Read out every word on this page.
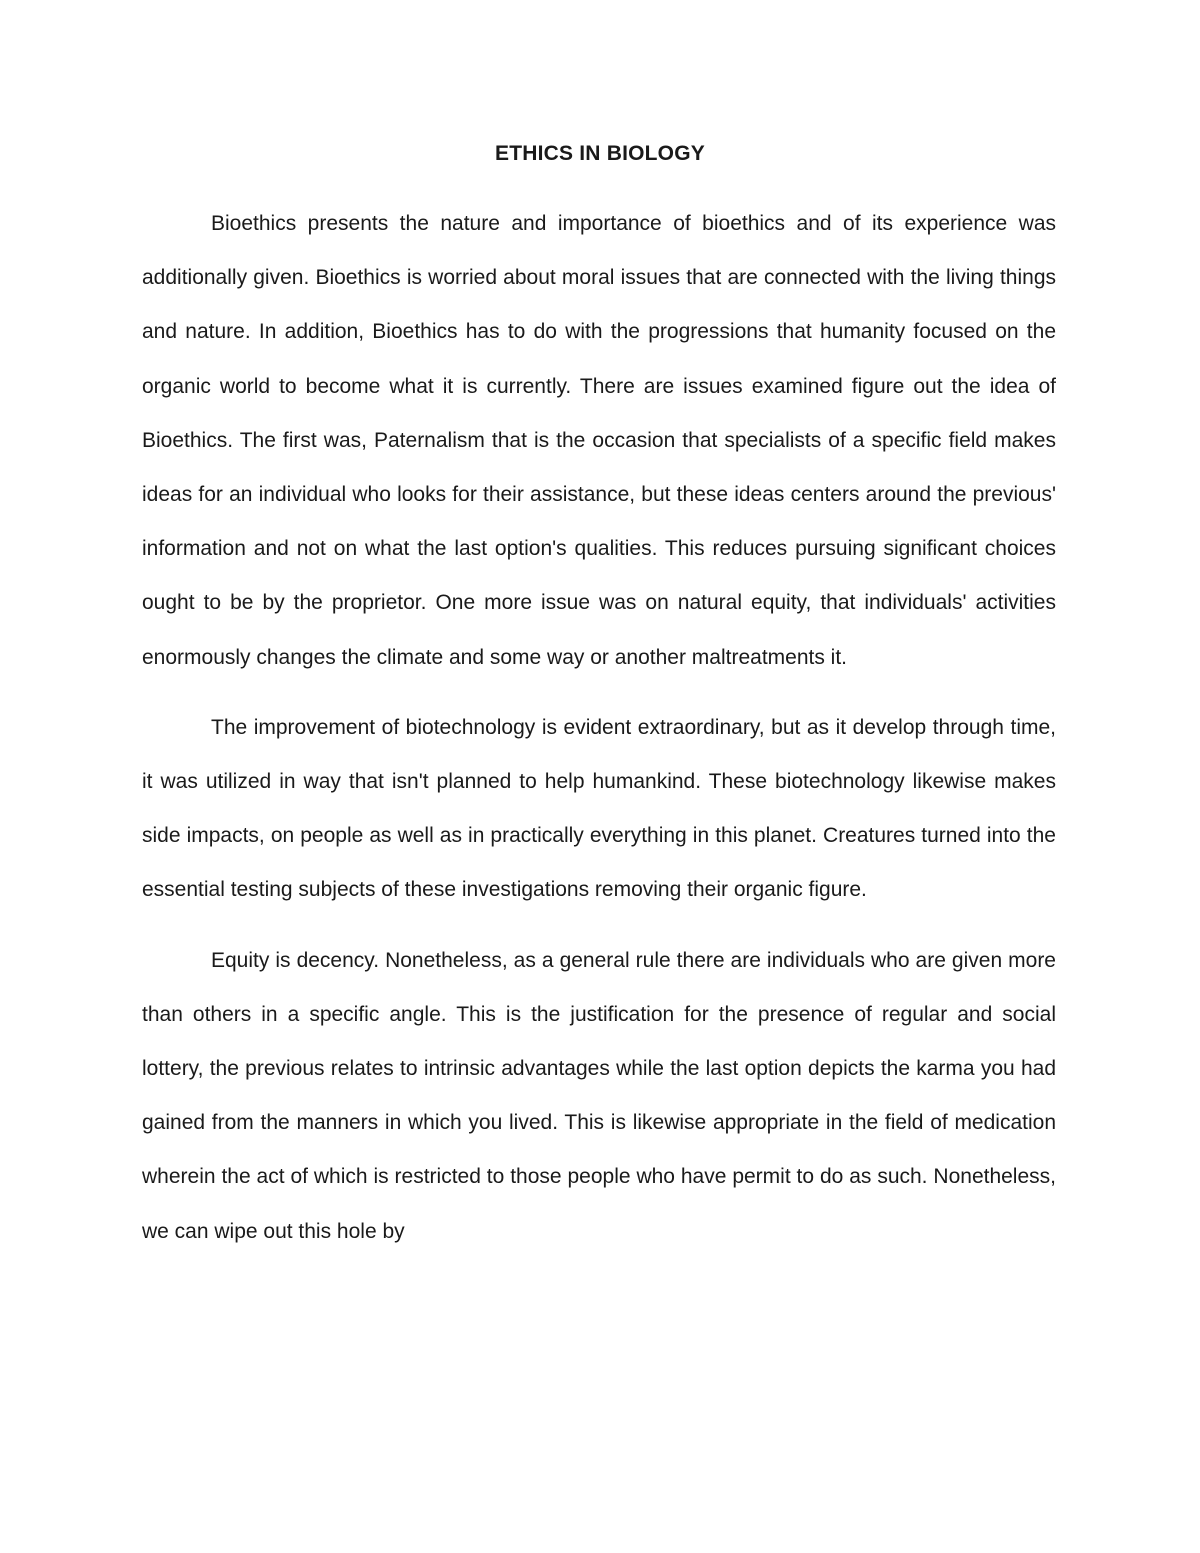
ETHICS IN BIOLOGY

Bioethics presents the nature and importance of bioethics and of its experience was additionally given. Bioethics is worried about moral issues that are connected with the living things and nature. In addition, Bioethics has to do with the progressions that humanity focused on the organic world to become what it is currently. There are issues examined figure out the idea of Bioethics. The first was, Paternalism that is the occasion that specialists of a specific field makes ideas for an individual who looks for their assistance, but these ideas centers around the previous' information and not on what the last option's qualities. This reduces pursuing significant choices ought to be by the proprietor. One more issue was on natural equity, that individuals' activities enormously changes the climate and some way or another maltreatments it.

The improvement of biotechnology is evident extraordinary, but as it develop through time, it was utilized in way that isn't planned to help humankind. These biotechnology likewise makes side impacts, on people as well as in practically everything in this planet. Creatures turned into the essential testing subjects of these investigations removing their organic figure.

Equity is decency. Nonetheless, as a general rule there are individuals who are given more than others in a specific angle. This is the justification for the presence of regular and social lottery, the previous relates to intrinsic advantages while the last option depicts the karma you had gained from the manners in which you lived. This is likewise appropriate in the field of medication wherein the act of which is restricted to those people who have permit to do as such. Nonetheless, we can wipe out this hole by
